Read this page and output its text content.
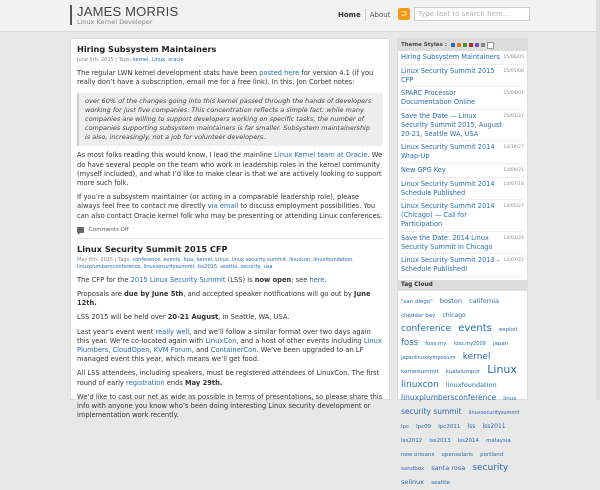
JAMES MORRIS
Linux Kernel Developer
Home	About	⊃
Type text to search here...
Hiring Subsystem Maintainers
June 5th, 2015 | Tags: kernel, Linux, oracle

The regular LWN kernel development stats have been posted here for version 4.1 (if you really don’t have a subscription, email me for a free link). In this, Jon Corbet notes:

over 60% of the changes going into this kernel passed through the hands of developers working for just five companies. This concentration reflects a simple fact: while many companies are willing to support developers working on specific tasks, the number of companies supporting subsystem maintainers is far smaller. Subsystem maintainership is also, increasingly, not a job for volunteer developers..

As most folks reading this would know, I lead the mainline Linux Kernel team at Oracle. We do have several people on the team who work in leadership roles in the kernel community (myself included), and what I’d like to make clear is that we are actively looking to support more such folk.

If you’re a subsystem maintainer (or acting in a comparable leadership role), please always feel free to contact me directly via email to discuss employment possibilities. You can also contact Oracle kernel folk who may be presenting or attending Linux conferences.

Comments Off
Linux Security Summit 2015 CFP
May 6th, 2015 | Tags: conference, events, foss, kernel, Linux, linux security summit, linuxcon, linuxfoundation, linuxplumbersconference, linuxsecuritysummit, lss2015, seattle, security, usa

The CFP for the 2015 Linux Security Summit (LSS) is now open; see here.

Proposals are due by June 5th, and accepted speaker notifications will go out by June 12th.

LSS 2015 will be held over 20-21 August, in Seattle, WA, USA.

Last year’s event went really well, and we’ll follow a similar format over two days again this year. We’re co-located again with LinuxCon, and a host of other events including Linux Plumbers, CloudOpen, KVM Forum, and ContainerCon. We’ve been upgraded to an LF managed event this year, which means we’ll get food.

All LSS attendees, including speakers, must be registered attendees of LinuxCon. The first round of early registration ends May 29th.

We’d like to cast our net as wide as possible in terms of presentations, so please share this info with anyone you know who’s been doing interesting Linux security development or implementation work recently.

Theme Styles :
Hiring Subsystem Maintainers 15/06/05
Linux Security Summit 2015 CFP
15/05/06
SPARC Processor Documentation Online
15/04/01
Save the Date — Linux Security Summit 2015, August 20-21, Seattle WA, USA
15/01/21
Linux Security Summit 2014 Wrap-Up
14/10/27
New GPG Key	14/09/21
Linux Security Summit 2014 Schedule Published
14/07/16
Linux Security Summit 2014 (Chicago) — Call for Participation
14/05/27
Save the Date: 2014 Linux Security Summit in Chicago
14/03/24
Linux Security Summit 2013 – Schedule Published!
13/07/22
Tag Cloud
"san diego" boston california cheddar bay chicago conference events exploit foss foss.my foss.my2009 japan japanlinuxsymposium kernel kernelsummit kualalumpur Linux linuxcon linuxfoundation linuxplumbersconference linux security summit linuxsecuritysummit lpc lpc09 lpc2011 lss lss2011 lss2012 lss2013 lss2014 malaysia new orleans opensolaris portland sandbox santa rosa security selinux seattle
